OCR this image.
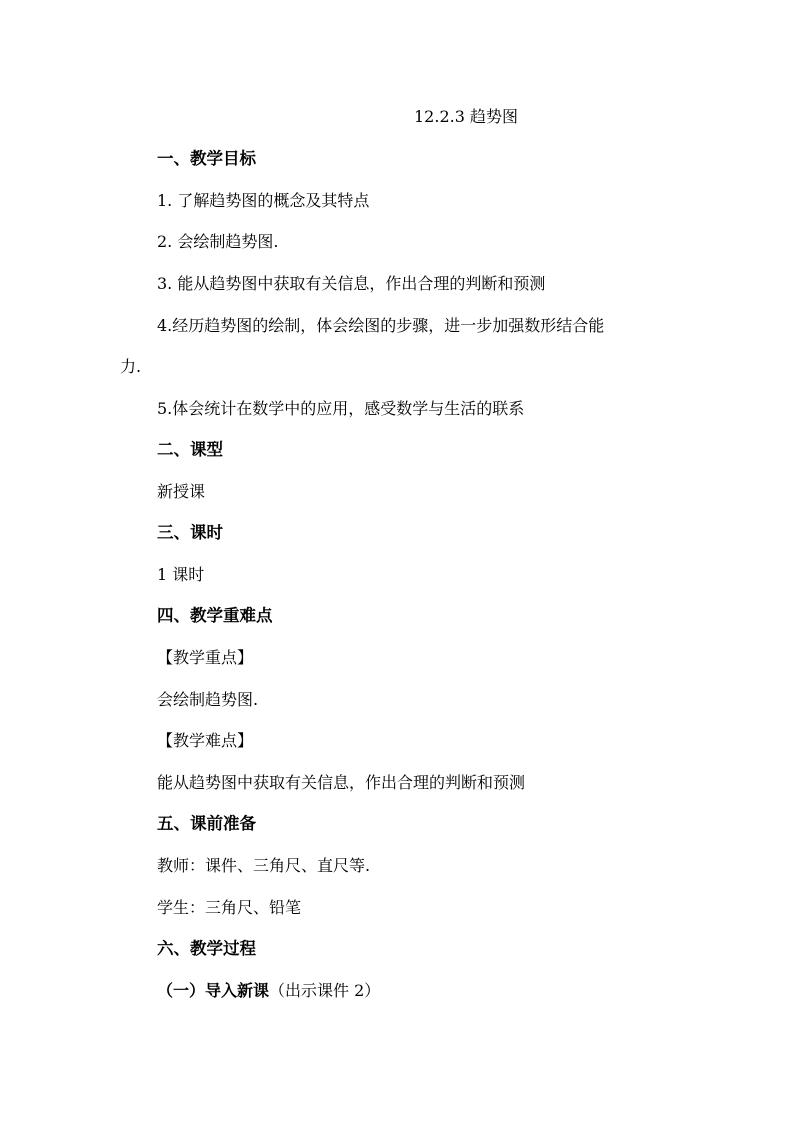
12.2.3 趋势图
一、教学目标
1. 了解趋势图的概念及其特点
2. 会绘制趋势图.
3. 能从趋势图中获取有关信息，作出合理的判断和预测
4.经历趋势图的绘制，体会绘图的步骤，进一步加强数形结合能
力.
5.体会统计在数学中的应用，感受数学与生活的联系
二、课型
新授课
三、课时
1 课时
四、教学重难点
【教学重点】
会绘制趋势图.
【教学难点】
能从趋势图中获取有关信息，作出合理的判断和预测
五、课前准备
教师：课件、三角尺、直尺等.
学生：三角尺、铅笔
六、教学过程
（一）导入新课（出示课件 2）
